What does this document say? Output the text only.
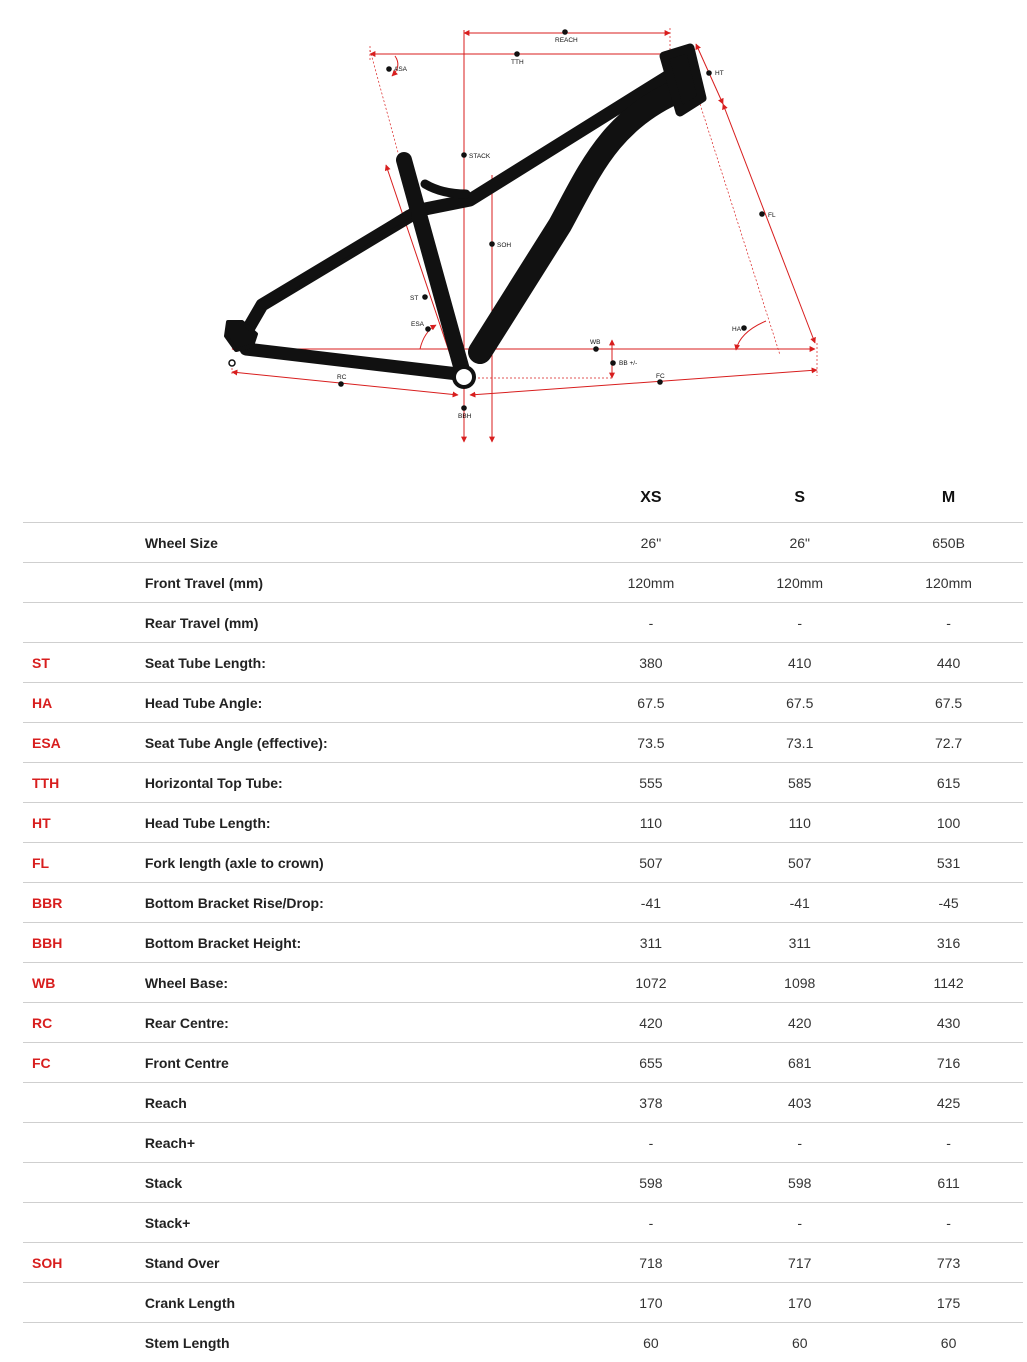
REACH
TTH
ASA
HT
STACK
SOH
FL
ST
ESA
WB
HA
BB +/-
RC	FC
BBH
		XS	S	M
	Wheel Size	26"	26"	650B
	Front Travel (mm)	120mm	120mm	120mm
	Rear Travel (mm)	-	-	-
ST	Seat Tube Length:	380	410	440
HA	Head Tube Angle:	67.5	67.5	67.5
ESA	Seat Tube Angle (effective):	73.5	73.1	72.7
TTH	Horizontal Top Tube:	555	585	615
HT	Head Tube Length:	110	110	100
FL	Fork length (axle to crown)	507	507	531
BBR	Bottom Bracket Rise/Drop:	-41	-41	-45
BBH	Bottom Bracket Height:	311	311	316
WB	Wheel Base:	1072	1098	1142
RC	Rear Centre:	420	420	430
FC	Front Centre	655	681	716
	Reach	378	403	425
	Reach+	-	-	-
	Stack	598	598	611
	Stack+	-	-	-
SOH	Stand Over	718	717	773
	Crank Length	170	170	175
	Stem Length	60	60	60
